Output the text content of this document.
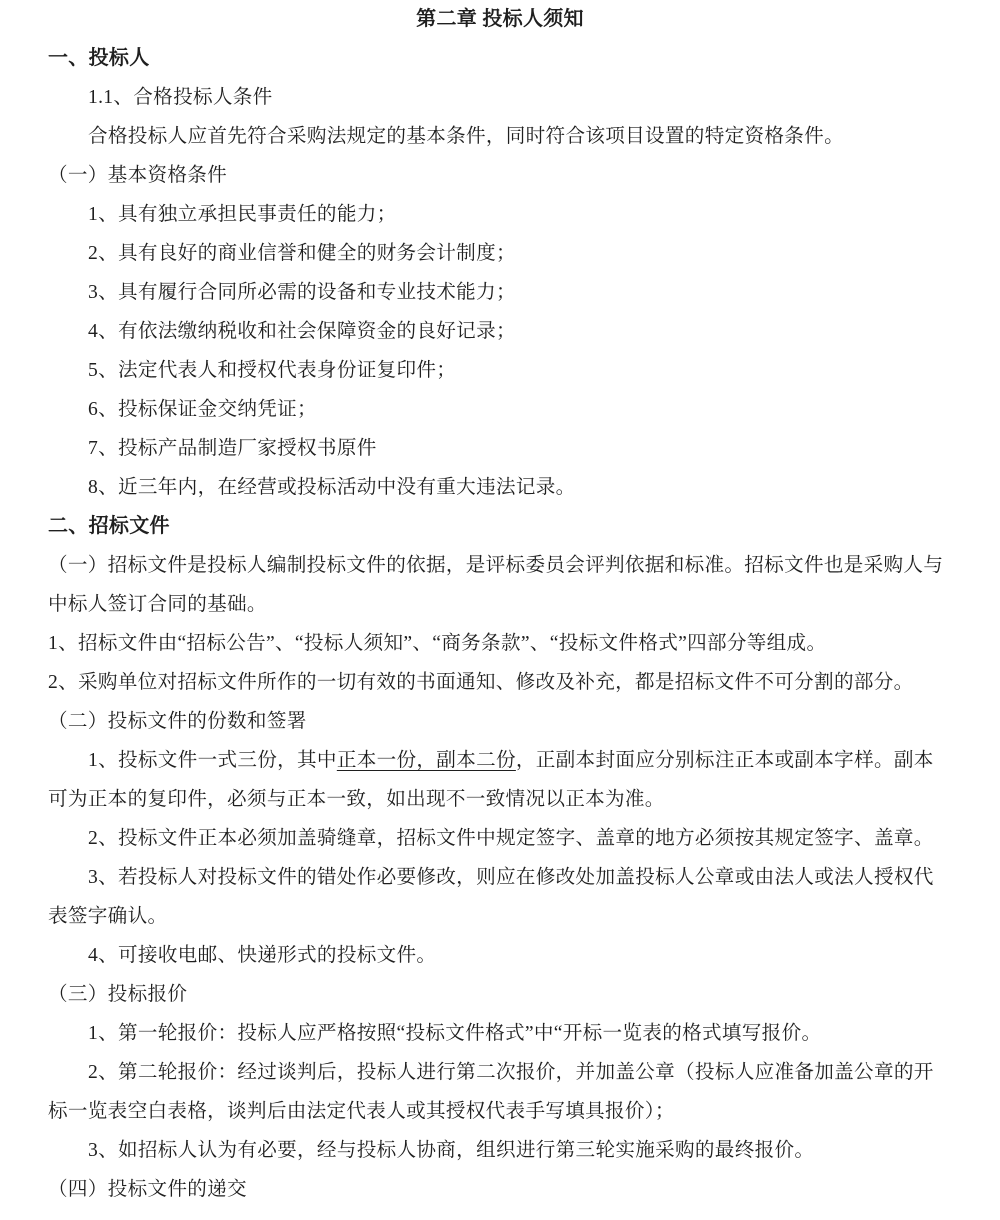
第二章 投标人须知
一、投标人
1.1、合格投标人条件
合格投标人应首先符合采购法规定的基本条件，同时符合该项目设置的特定资格条件。
（一）基本资格条件
1、具有独立承担民事责任的能力；
2、具有良好的商业信誉和健全的财务会计制度；
3、具有履行合同所必需的设备和专业技术能力；
4、有依法缴纳税收和社会保障资金的良好记录；
5、法定代表人和授权代表身份证复印件；
6、投标保证金交纳凭证；
7、投标产品制造厂家授权书原件
8、近三年内，在经营或投标活动中没有重大违法记录。
二、招标文件
（一）招标文件是投标人编制投标文件的依据，是评标委员会评判依据和标准。招标文件也是采购人与
中标人签订合同的基础。
1、招标文件由“招标公告”、“投标人须知”、“商务条款”、“投标文件格式”四部分等组成。
2、采购单位对招标文件所作的一切有效的书面通知、修改及补充，都是招标文件不可分割的部分。
（二）投标文件的份数和签署
1、投标文件一式三份，其中正本一份，副本二份，正副本封面应分别标注正本或副本字样。副本
可为正本的复印件，必须与正本一致，如出现不一致情况以正本为准。
2、投标文件正本必须加盖骑缝章，招标文件中规定签字、盖章的地方必须按其规定签字、盖章。
3、若投标人对投标文件的错处作必要修改，则应在修改处加盖投标人公章或由法人或法人授权代
表签字确认。
4、可接收电邮、快递形式的投标文件。
（三）投标报价
1、第一轮报价：投标人应严格按照“投标文件格式”中“开标一览表的格式填写报价。
2、第二轮报价：经过谈判后，投标人进行第二次报价，并加盖公章（投标人应准备加盖公章的开
标一览表空白表格，谈判后由法定代表人或其授权代表手写填具报价）；
3、如招标人认为有必要，经与投标人协商，组织进行第三轮实施采购的最终报价。
（四）投标文件的递交
